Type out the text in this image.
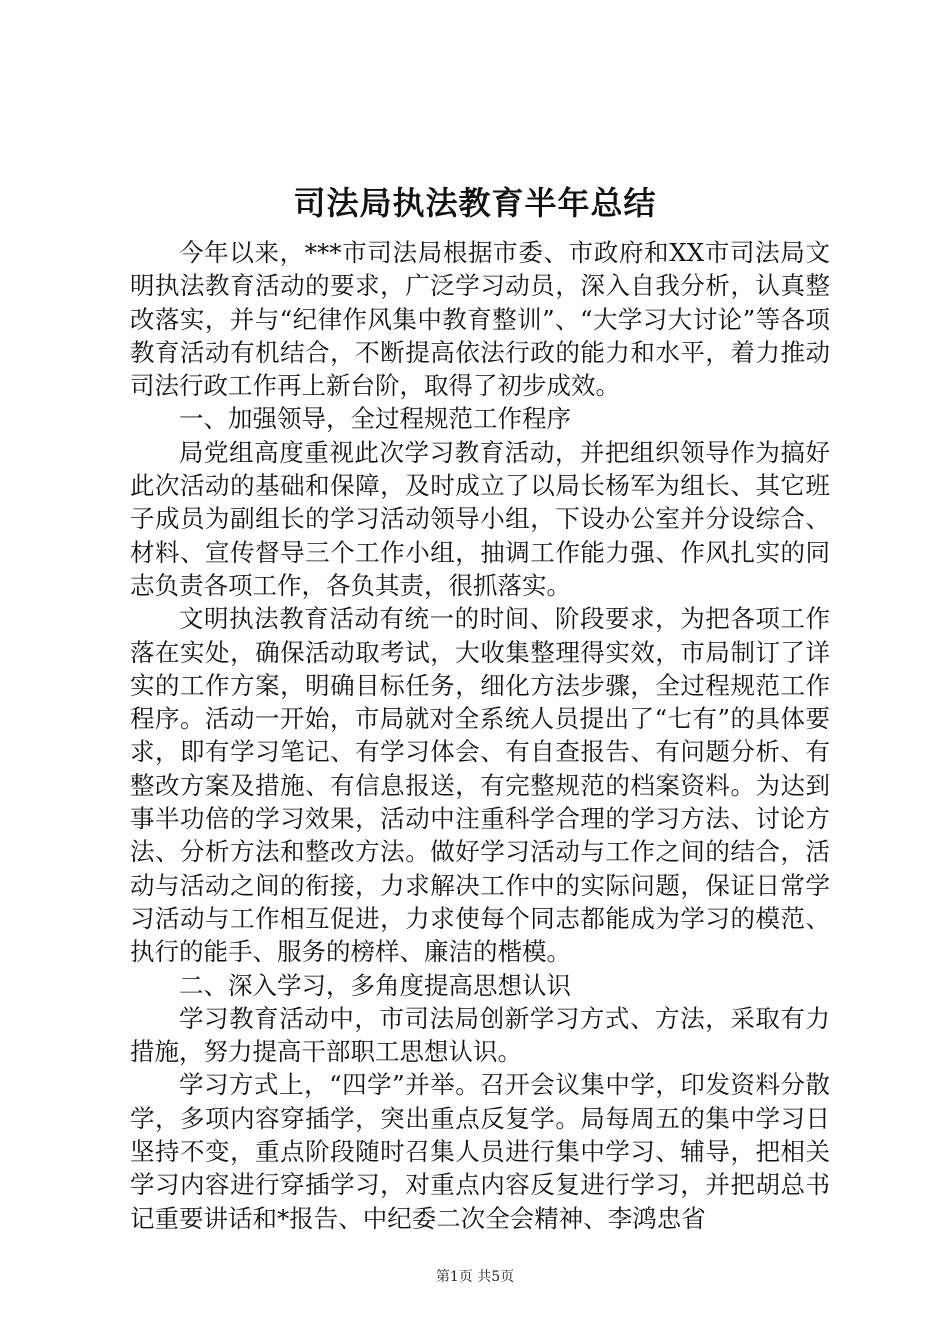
司法局执法教育半年总结

今年以来，***市司法局根据市委、市政府和XX市司法局文明执法教育活动的要求，广泛学习动员，深入自我分析，认真整改落实，并与“纪律作风集中教育整训”、“大学习大讨论”等各项教育活动有机结合，不断提高依法行政的能力和水平，着力推动司法行政工作再上新台阶，取得了初步成效。

一、加强领导，全过程规范工作程序

局党组高度重视此次学习教育活动，并把组织领导作为搞好此次活动的基础和保障，及时成立了以局长杨军为组长、其它班子成员为副组长的学习活动领导小组，下设办公室并分设综合、材料、宣传督导三个工作小组，抽调工作能力强、作风扎实的同志负责各项工作，各负其责，很抓落实。

文明执法教育活动有统一的时间、阶段要求，为把各项工作落在实处，确保活动取考试，大收集整理得实效，市局制订了详实的工作方案，明确目标任务，细化方法步骤，全过程规范工作程序。活动一开始，市局就对全系统人员提出了“七有”的具体要求，即有学习笔记、有学习体会、有自查报告、有问题分析、有整改方案及措施、有信息报送，有完整规范的档案资料。为达到事半功倍的学习效果，活动中注重科学合理的学习方法、讨论方法、分析方法和整改方法。做好学习活动与工作之间的结合，活动与活动之间的衔接，力求解决工作中的实际问题，保证日常学习活动与工作相互促进，力求使每个同志都能成为学习的模范、执行的能手、服务的榜样、廉洁的楷模。

二、深入学习，多角度提高思想认识

学习教育活动中，市司法局创新学习方式、方法，采取有力措施，努力提高干部职工思想认识。

学习方式上，“四学”并举。召开会议集中学，印发资料分散学，多项内容穿插学，突出重点反复学。局每周五的集中学习日坚持不变，重点阶段随时召集人员进行集中学习、辅导，把相关学习内容进行穿插学习，对重点内容反复进行学习，并把胡总书记重要讲话和*报告、中纪委二次全会精神、李鸿忠省

第1页 共5页
